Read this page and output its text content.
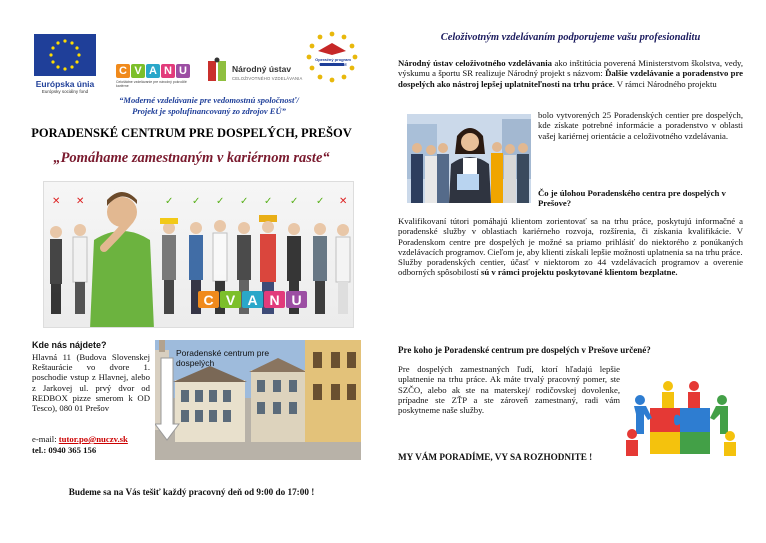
Európska únia
Európsky sociálny fond
C V A N U
Celoštátne vzdelávanie pre národný pokročilé kariérne
Národný ústav
CELOŽIVOTNÉHO VZDELÁVANIA
Operačný program VZDELÁVANIE
“Moderné vzdelávanie pre vedomostnú spoločnosť/
Projekt je spolufinancovaný zo zdrojov EÚ”
PORADENSKÉ CENTRUM PRE DOSPELÝCH, PREŠOV
„Pomáhame zamestnaným v kariérnom raste“
✕ ✕	✓ ✓ ✓ ✓ ✓ ✓ ✓ ✕
C V A N U
Kde nás nájdete?
Hlavná 11 (Budova Slovenskej Reštaurácie vo dvore 1. poschodie vstup z Hlavnej, alebo z Jarkovej ul. prvý dvor od REDBOX pizze smerom k OD Tesco), 080 01 Prešov
e-mail: tutor.po@nuczv.sk
tel.: 0940 365 156
Poradenské centrum pre dospelých
Budeme sa na Vás tešiť každý pracovný deň od 9:00 do 17:00 !
Celoživotným vzdelávaním podporujeme vašu profesionalitu
Národný ústav celoživotného vzdelávania ako inštitúcia poverená Ministerstvom školstva, vedy, výskumu a športu SR realizuje Národný projekt s názvom: Ďalšie vzdelávanie a poradenstvo pre dospelých ako nástroj lepšej uplatniteľnosti na trhu práce. V rámci Národného projektu
bolo vytvorených 25 Poradenských centier pre dospelých, kde získate potrebné informácie a poradenstvo v oblasti vašej kariérnej orientácie a celoživotného vzdelávania.
Čo je úlohou Poradenského centra pre dospelých v Prešove?
Kvalifikovaní tútori pomáhajú klientom zorientovať sa na trhu práce, poskytujú informačné a poradenské služby v oblastiach kariérneho rozvoja, rozšírenia, či získania kvalifikácie. V Poradenskom centre pre dospelých je možné sa priamo prihlásiť do niektorého z ponúkaných vzdelávacích programov. Cieľom je, aby klienti získali lepšie možnosti uplatnenia sa na trhu práce.
Služby poradenských centier, účasť v niektorom zo 44 vzdelávacích programov a overenie odborných spôsobilostí sú v rámci projektu poskytované klientom bezplatne.
Pre koho je Poradenské centrum pre dospelých v Prešove určené?
Pre dospelých zamestnaných ľudí, ktorí hľadajú lepšie uplatnenie na trhu práce. Ak máte trvalý pracovný pomer, ste SZČO, alebo ak ste na materskej/ rodičovskej dovolenke, prípadne ste ZŤP a ste zároveň zamestnaný, radi vám poskytneme naše služby.
MY VÁM PORADÍME, VY SA ROZHODNITE !
